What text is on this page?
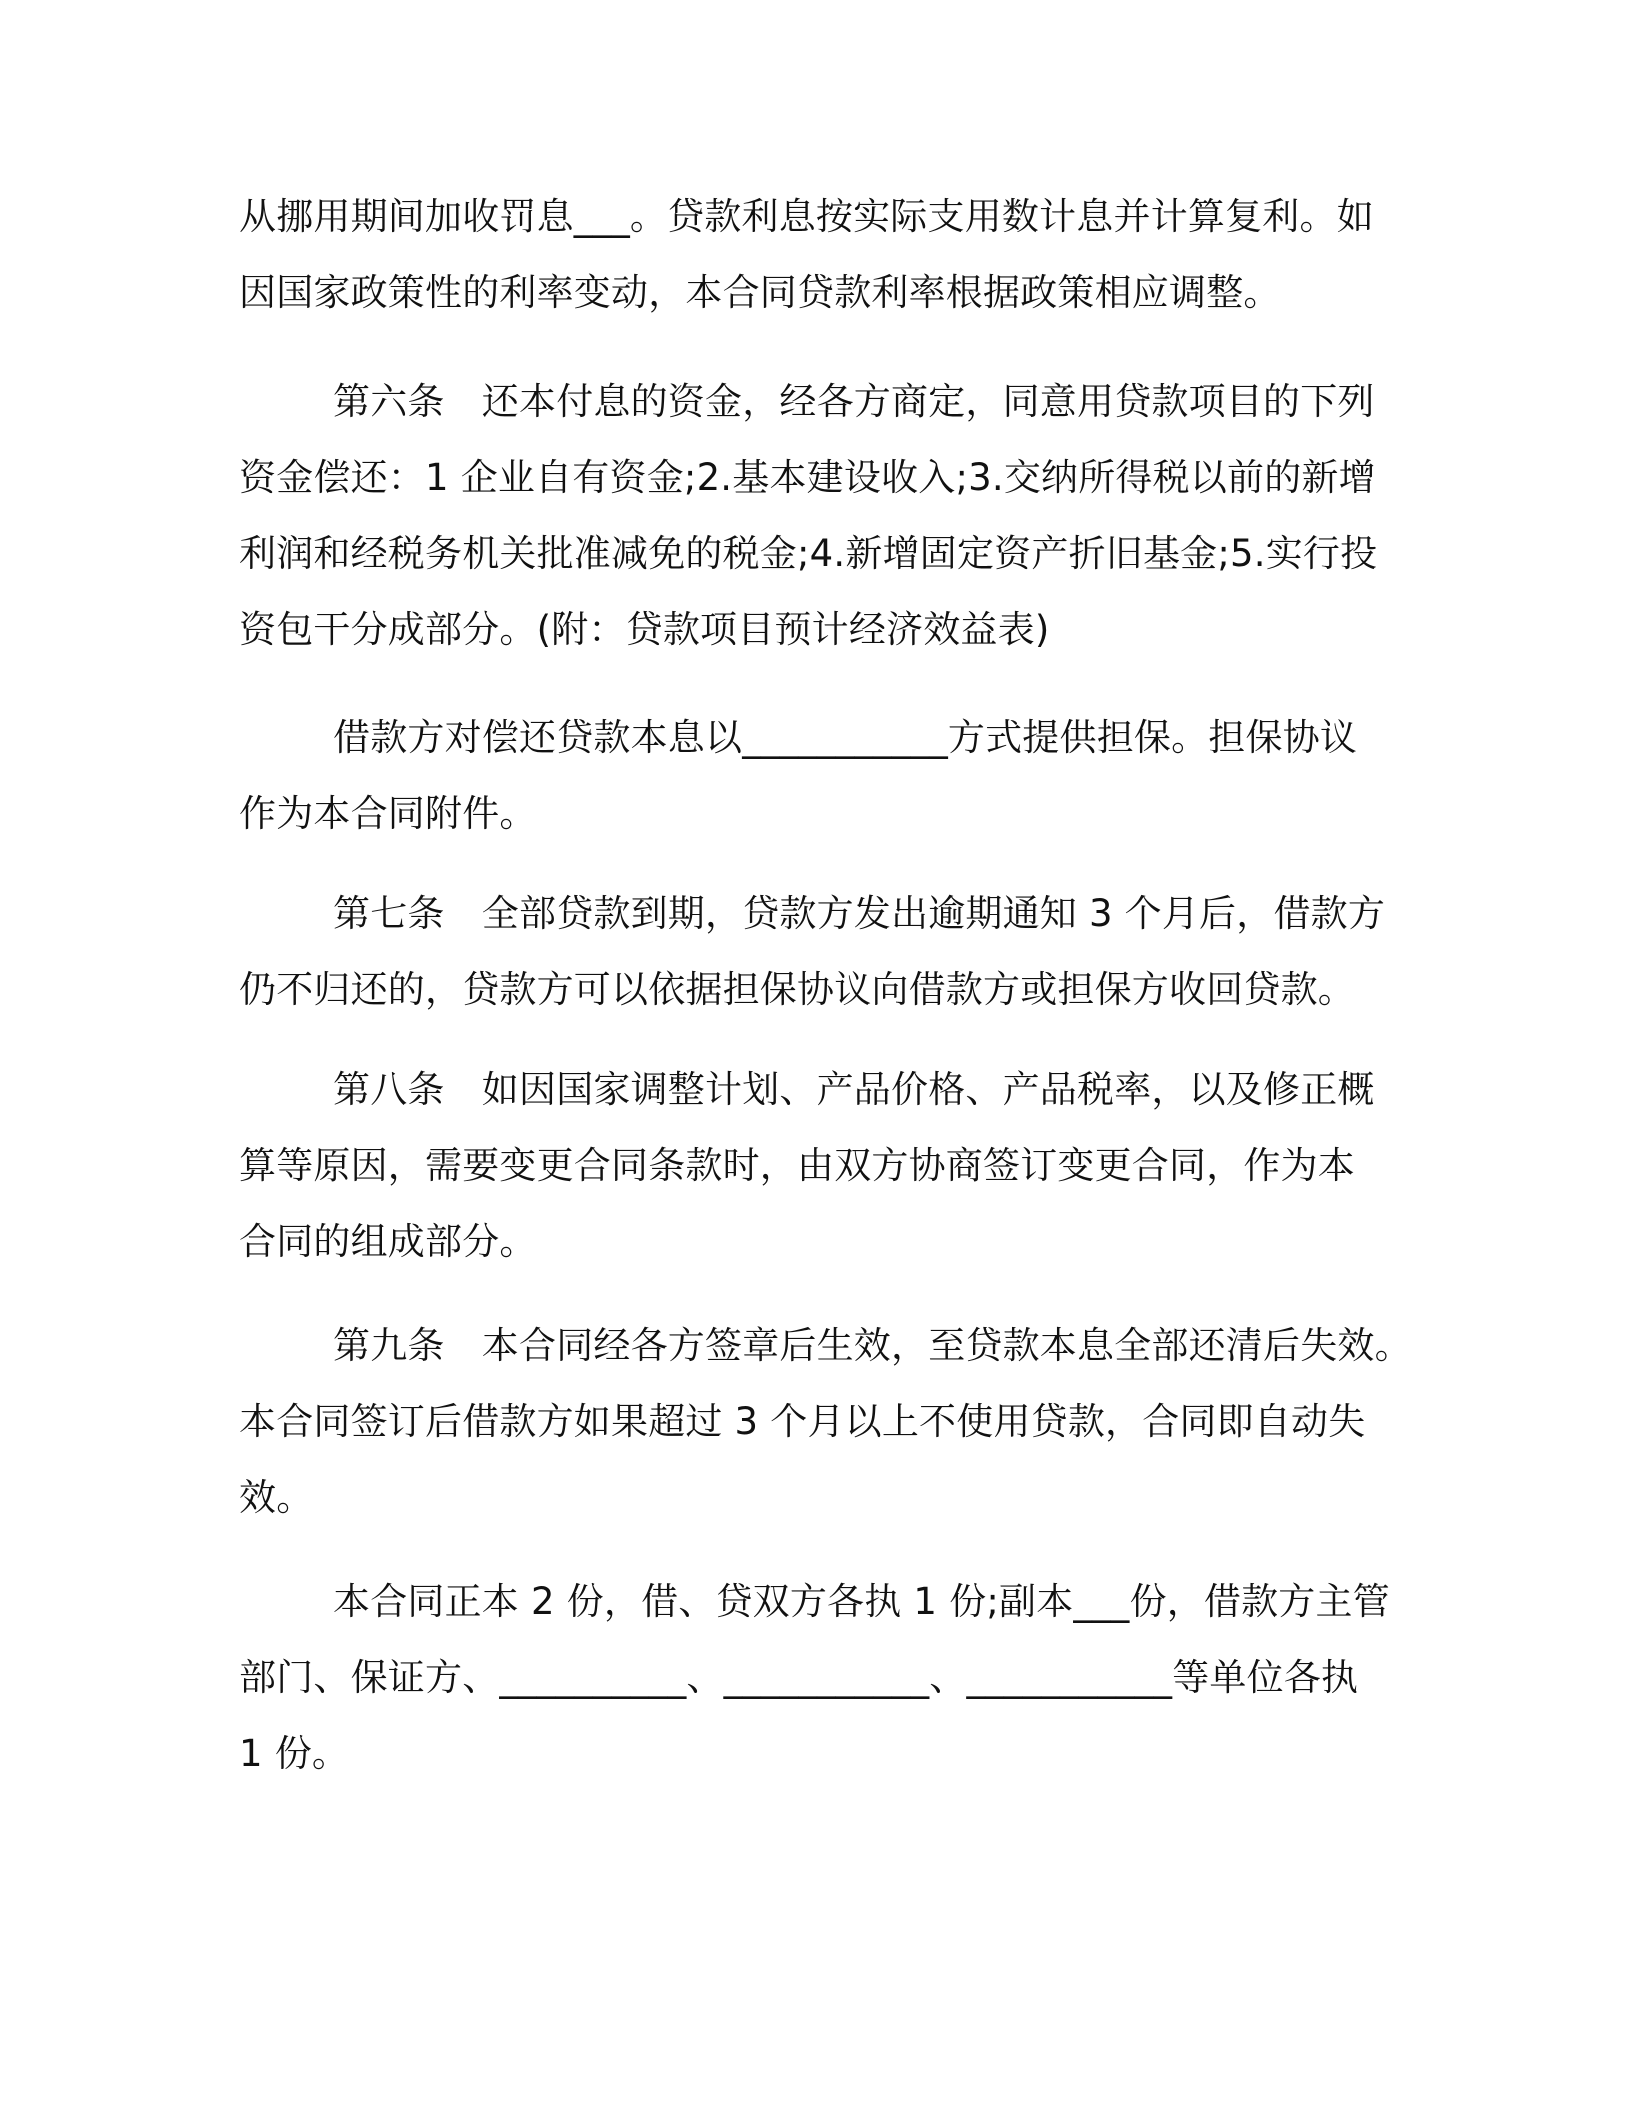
从挪用期间加收罚息___。贷款利息按实际支用数计息并计算复利。如
因国家政策性的利率变动，本合同贷款利率根据政策相应调整。
第六条　还本付息的资金，经各方商定，同意用贷款项目的下列
资金偿还：1 企业自有资金;2.基本建设收入;3.交纳所得税以前的新增
利润和经税务机关批准减免的税金;4.新增固定资产折旧基金;5.实行投
资包干分成部分。(附：贷款项目预计经济效益表)
借款方对偿还贷款本息以___________方式提供担保。担保协议
作为本合同附件。
第七条　全部贷款到期，贷款方发出逾期通知 3 个月后，借款方
仍不归还的，贷款方可以依据担保协议向借款方或担保方收回贷款。
第八条　如因国家调整计划、产品价格、产品税率，以及修正概
算等原因，需要变更合同条款时，由双方协商签订变更合同，作为本
合同的组成部分。
第九条　本合同经各方签章后生效，至贷款本息全部还清后失效。
本合同签订后借款方如果超过 3 个月以上不使用贷款，合同即自动失
效。
本合同正本 2 份，借、贷双方各执 1 份;副本___份，借款方主管
部门、保证方、__________、___________、___________等单位各执
1 份。
